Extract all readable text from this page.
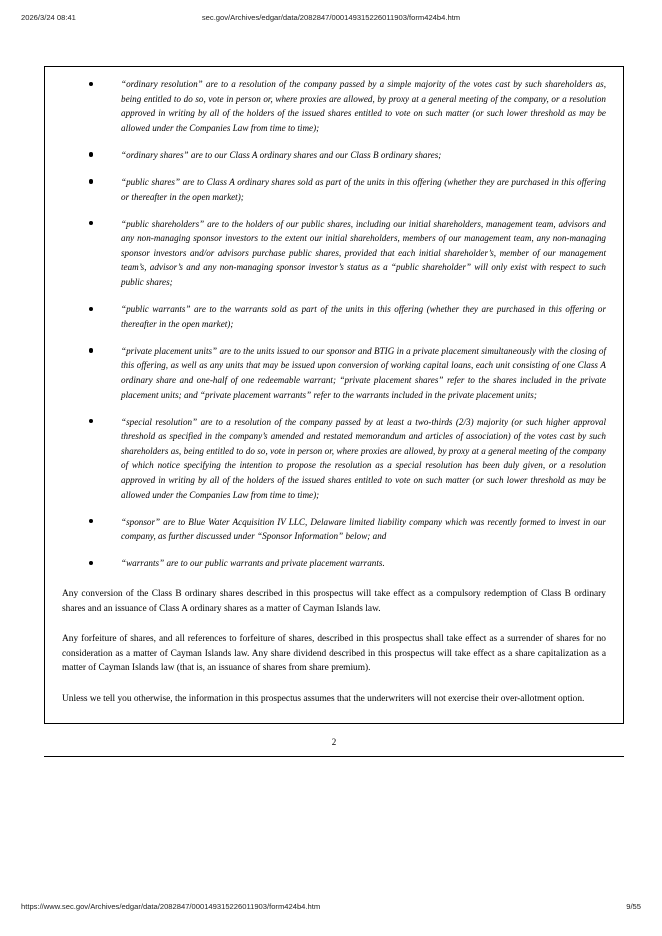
2026/3/24 08:41	sec.gov/Archives/edgar/data/2082847/000149315226011903/form424b4.htm
“ordinary resolution” are to a resolution of the company passed by a simple majority of the votes cast by such shareholders as, being entitled to do so, vote in person or, where proxies are allowed, by proxy at a general meeting of the company, or a resolution approved in writing by all of the holders of the issued shares entitled to vote on such matter (or such lower threshold as may be allowed under the Companies Law from time to time);
“ordinary shares” are to our Class A ordinary shares and our Class B ordinary shares;
“public shares” are to Class A ordinary shares sold as part of the units in this offering (whether they are purchased in this offering or thereafter in the open market);
“public shareholders” are to the holders of our public shares, including our initial shareholders, management team, advisors and any non-managing sponsor investors to the extent our initial shareholders, members of our management team, any non-managing sponsor investors and/or advisors purchase public shares, provided that each initial shareholder’s, member of our management team’s, advisor’s and any non-managing sponsor investor’s status as a “public shareholder” will only exist with respect to such public shares;
“public warrants” are to the warrants sold as part of the units in this offering (whether they are purchased in this offering or thereafter in the open market);
“private placement units” are to the units issued to our sponsor and BTIG in a private placement simultaneously with the closing of this offering, as well as any units that may be issued upon conversion of working capital loans, each unit consisting of one Class A ordinary share and one-half of one redeemable warrant; “private placement shares” refer to the shares included in the private placement units; and “private placement warrants” refer to the warrants included in the private placement units;
“special resolution” are to a resolution of the company passed by at least a two-thirds (2/3) majority (or such higher approval threshold as specified in the company’s amended and restated memorandum and articles of association) of the votes cast by such shareholders as, being entitled to do so, vote in person or, where proxies are allowed, by proxy at a general meeting of the company of which notice specifying the intention to propose the resolution as a special resolution has been duly given, or a resolution approved in writing by all of the holders of the issued shares entitled to vote on such matter (or such lower threshold as may be allowed under the Companies Law from time to time);
“sponsor” are to Blue Water Acquisition IV LLC, Delaware limited liability company which was recently formed to invest in our company, as further discussed under “Sponsor Information” below; and
“warrants” are to our public warrants and private placement warrants.

Any conversion of the Class B ordinary shares described in this prospectus will take effect as a compulsory redemption of Class B ordinary shares and an issuance of Class A ordinary shares as a matter of Cayman Islands law.

Any forfeiture of shares, and all references to forfeiture of shares, described in this prospectus shall take effect as a surrender of shares for no consideration as a matter of Cayman Islands law. Any share dividend described in this prospectus will take effect as a share capitalization as a matter of Cayman Islands law (that is, an issuance of shares from share premium).

Unless we tell you otherwise, the information in this prospectus assumes that the underwriters will not exercise their over-allotment option.

2
https://www.sec.gov/Archives/edgar/data/2082847/000149315226011903/form424b4.htm	9/55
